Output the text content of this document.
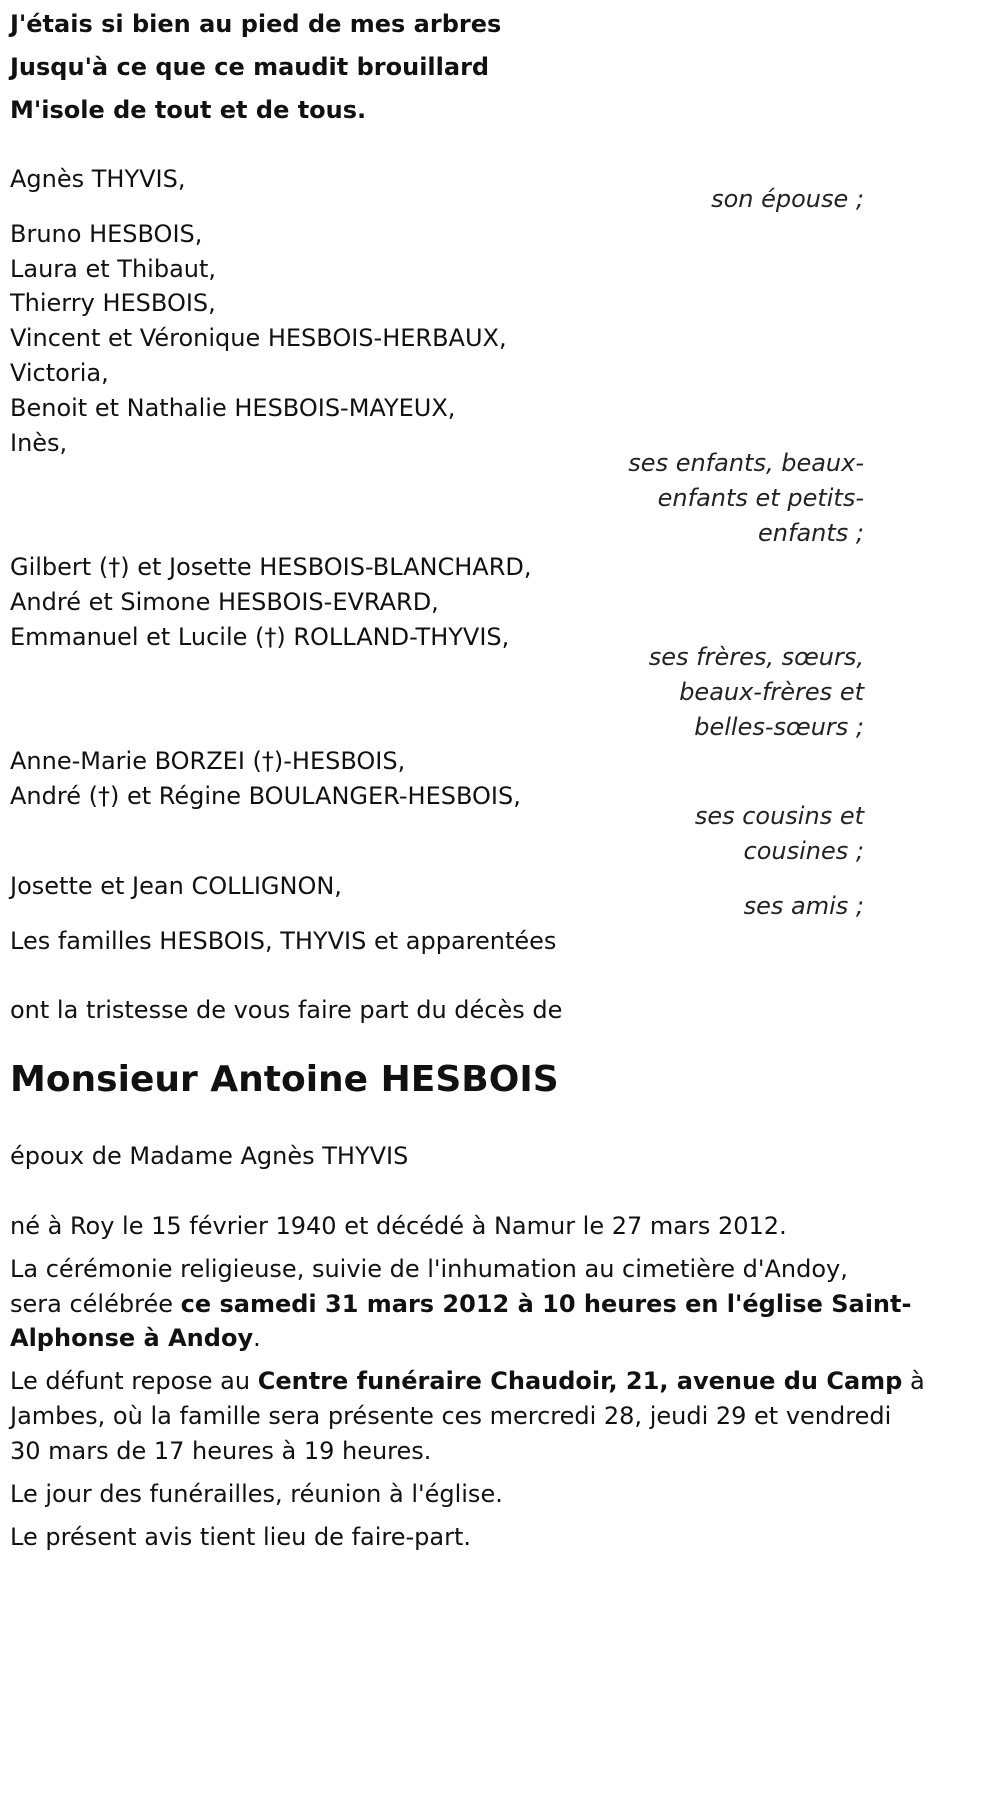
J'étais si bien au pied de mes arbres

Jusqu'à ce que ce maudit brouillard

M'isole de tout et de tous.

Agnès THYVIS,

son épouse ;

Bruno HESBOIS,

Laura et Thibaut,

Thierry HESBOIS,

Vincent et Véronique HESBOIS-HERBAUX,

Victoria,

Benoit et Nathalie HESBOIS-MAYEUX,

Inès,

ses enfants, beaux-

enfants et petits-

enfants ;

Gilbert (†) et Josette HESBOIS-BLANCHARD,

André et Simone HESBOIS-EVRARD,

Emmanuel et Lucile (†) ROLLAND-THYVIS,

ses frères, sœurs,

beaux-frères et

belles-sœurs ;

Anne-Marie BORZEI (†)-HESBOIS,

André (†) et Régine BOULANGER-HESBOIS,

ses cousins et

cousines ;

Josette et Jean COLLIGNON,

ses amis ;

Les familles HESBOIS, THYVIS et apparentées

ont la tristesse de vous faire part du décès de

Monsieur Antoine HESBOIS

époux de Madame Agnès THYVIS

né à Roy le 15 février 1940 et décédé à Namur le 27 mars 2012.

La cérémonie religieuse, suivie de l'inhumation au cimetière d'Andoy,

sera célébrée ce samedi 31 mars 2012 à 10 heures en l'église Saint-

Alphonse à Andoy.

Le défunt repose au Centre funéraire Chaudoir, 21, avenue du Camp à

Jambes, où la famille sera présente ces mercredi 28, jeudi 29 et vendredi

30 mars de 17 heures à 19 heures.

Le jour des funérailles, réunion à l'église.

Le présent avis tient lieu de faire-part.
